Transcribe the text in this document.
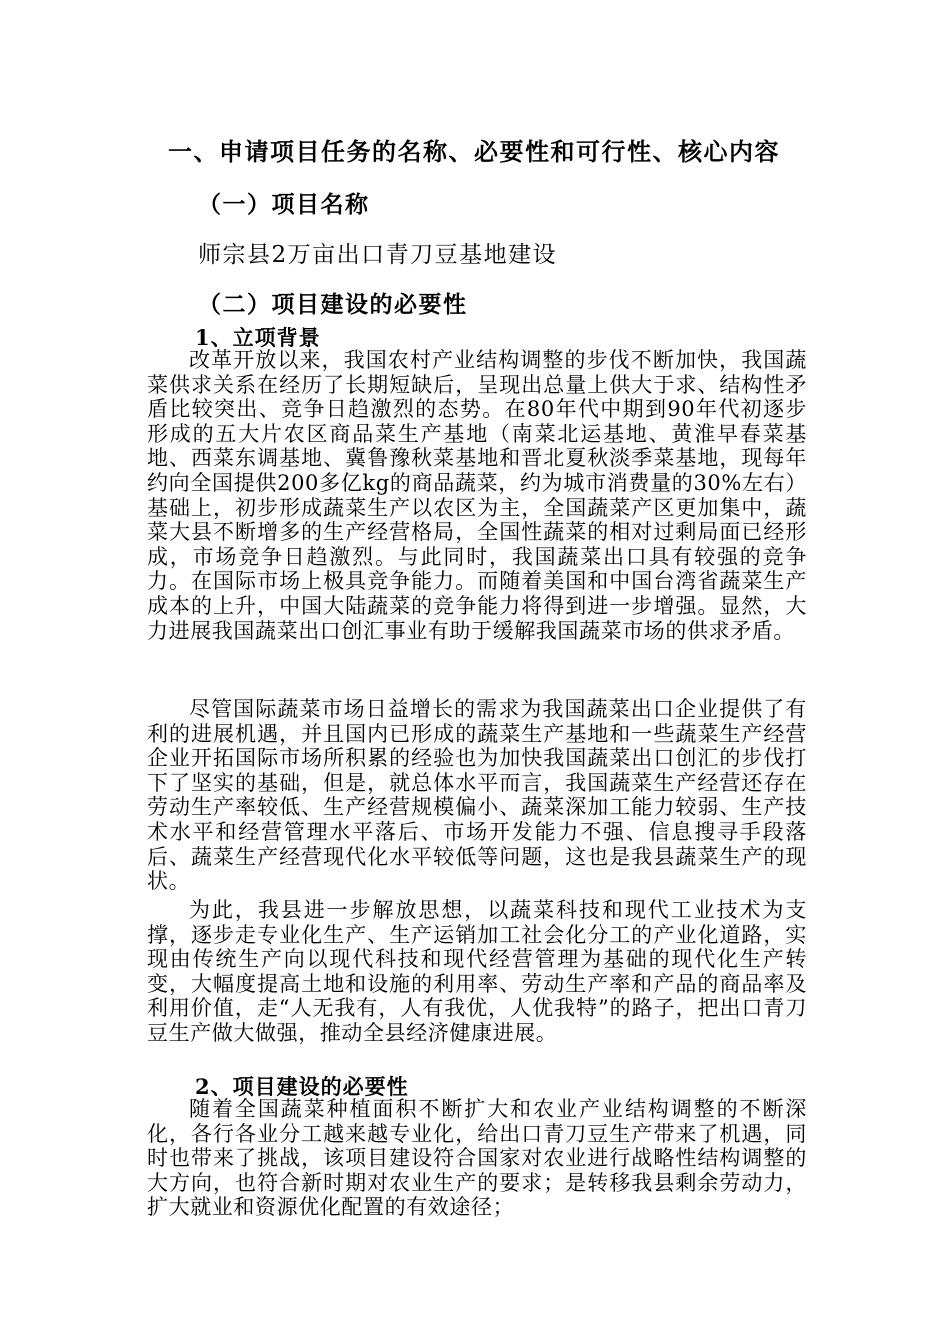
一、申请项目任务的名称、必要性和可行性、核心内容
（一）项目名称
师宗县2万亩出口青刀豆基地建设
（二）项目建设的必要性
1、立项背景

改革开放以来，我国农村产业结构调整的步伐不断加快，我国蔬菜供求关系在经历了长期短缺后，呈现出总量上供大于求、结构性矛盾比较突出、竞争日趋激烈的态势。在80年代中期到90年代初逐步形成的五大片农区商品菜生产基地（南菜北运基地、黄淮早春菜基地、西菜东调基地、冀鲁豫秋菜基地和晋北夏秋淡季菜基地，现每年约向全国提供200多亿kg的商品蔬菜，约为城市消费量的30%左右）基础上，初步形成蔬菜生产以农区为主，全国蔬菜产区更加集中，蔬菜大县不断增多的生产经营格局，全国性蔬菜的相对过剩局面已经形成，市场竞争日趋激烈。与此同时，我国蔬菜出口具有较强的竞争力。在国际市场上极具竞争能力。而随着美国和中国台湾省蔬菜生产成本的上升，中国大陆蔬菜的竞争能力将得到进一步增强。显然，大力进展我国蔬菜出口创汇事业有助于缓解我国蔬菜市场的供求矛盾。

尽管国际蔬菜市场日益增长的需求为我国蔬菜出口企业提供了有利的进展机遇，并且国内已形成的蔬菜生产基地和一些蔬菜生产经营企业开拓国际市场所积累的经验也为加快我国蔬菜出口创汇的步伐打下了坚实的基础，但是，就总体水平而言，我国蔬菜生产经营还存在劳动生产率较低、生产经营规模偏小、蔬菜深加工能力较弱、生产技术水平和经营管理水平落后、市场开发能力不强、信息搜寻手段落后、蔬菜生产经营现代化水平较低等问题，这也是我县蔬菜生产的现状。

为此，我县进一步解放思想，以蔬菜科技和现代工业技术为支撑，逐步走专业化生产、生产运销加工社会化分工的产业化道路，实现由传统生产向以现代科技和现代经营管理为基础的现代化生产转变，大幅度提高土地和设施的利用率、劳动生产率和产品的商品率及利用价值，走“人无我有，人有我优，人优我特”的路子，把出口青刀豆生产做大做强，推动全县经济健康进展。

2、项目建设的必要性

随着全国蔬菜种植面积不断扩大和农业产业结构调整的不断深化，各行各业分工越来越专业化，给出口青刀豆生产带来了机遇，同时也带来了挑战，该项目建设符合国家对农业进行战略性结构调整的大方向，也符合新时期对农业生产的要求；是转移我县剩余劳动力，扩大就业和资源优化配置的有效途径；
